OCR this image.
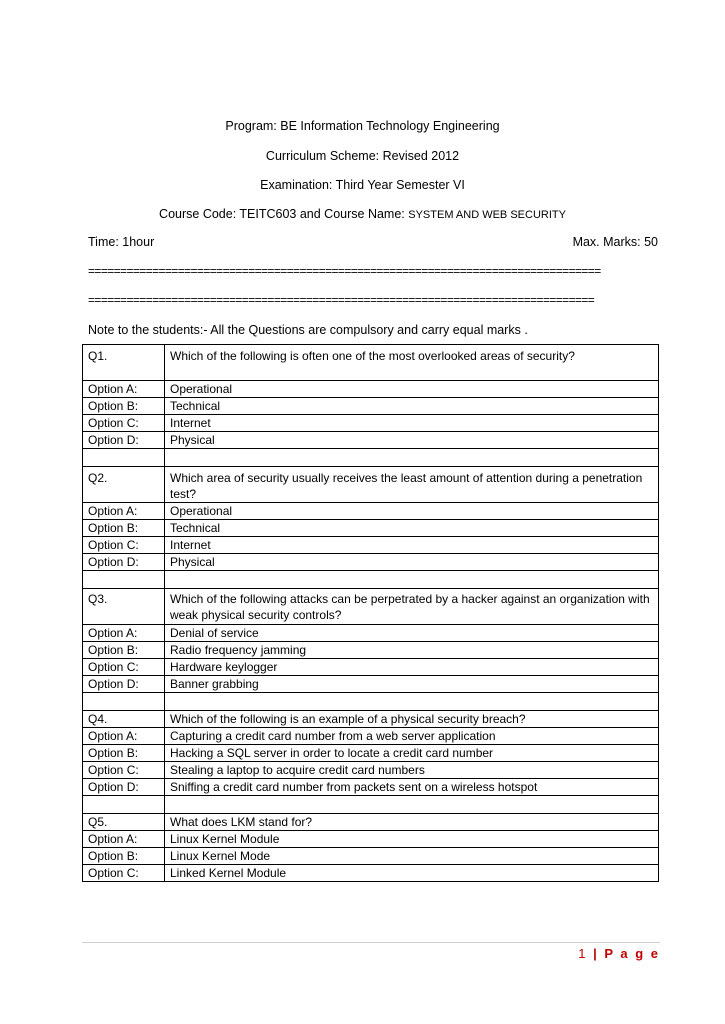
Program: BE Information Technology Engineering
Curriculum Scheme: Revised 2012
Examination: Third Year Semester VI
Course Code: TEITC603 and Course Name: SYSTEM AND WEB SECURITY
Time: 1hour	Max. Marks: 50
================================================================================
===============================================================================
Note to the students:- All the Questions are compulsory and carry equal marks .
Q1.	Which of the following is often one of the most overlooked areas of security?
Option A:	Operational
Option B:	Technical
Option C:	Internet
Option D:	Physical

Q2.	Which area of security usually receives the least amount of attention during a penetration test?
Option A:	Operational
Option B:	Technical
Option C:	Internet
Option D:	Physical

Q3.	Which of the following attacks can be perpetrated by a hacker against an organization with weak physical security controls?
Option A:	Denial of service
Option B:	Radio frequency jamming
Option C:	Hardware keylogger
Option D:	Banner grabbing

Q4.	Which of the following is an example of a physical security breach?
Option A:	Capturing a credit card number from a web server application
Option B:	Hacking a SQL server in order to locate a credit card number
Option C:	Stealing a laptop to acquire credit card numbers
Option D:	Sniffing a credit card number from packets sent on a wireless hotspot

Q5.	What does LKM stand for?
Option A:	Linux Kernel Module
Option B:	Linux Kernel Mode
Option C:	Linked Kernel Module
1 | P a g e
